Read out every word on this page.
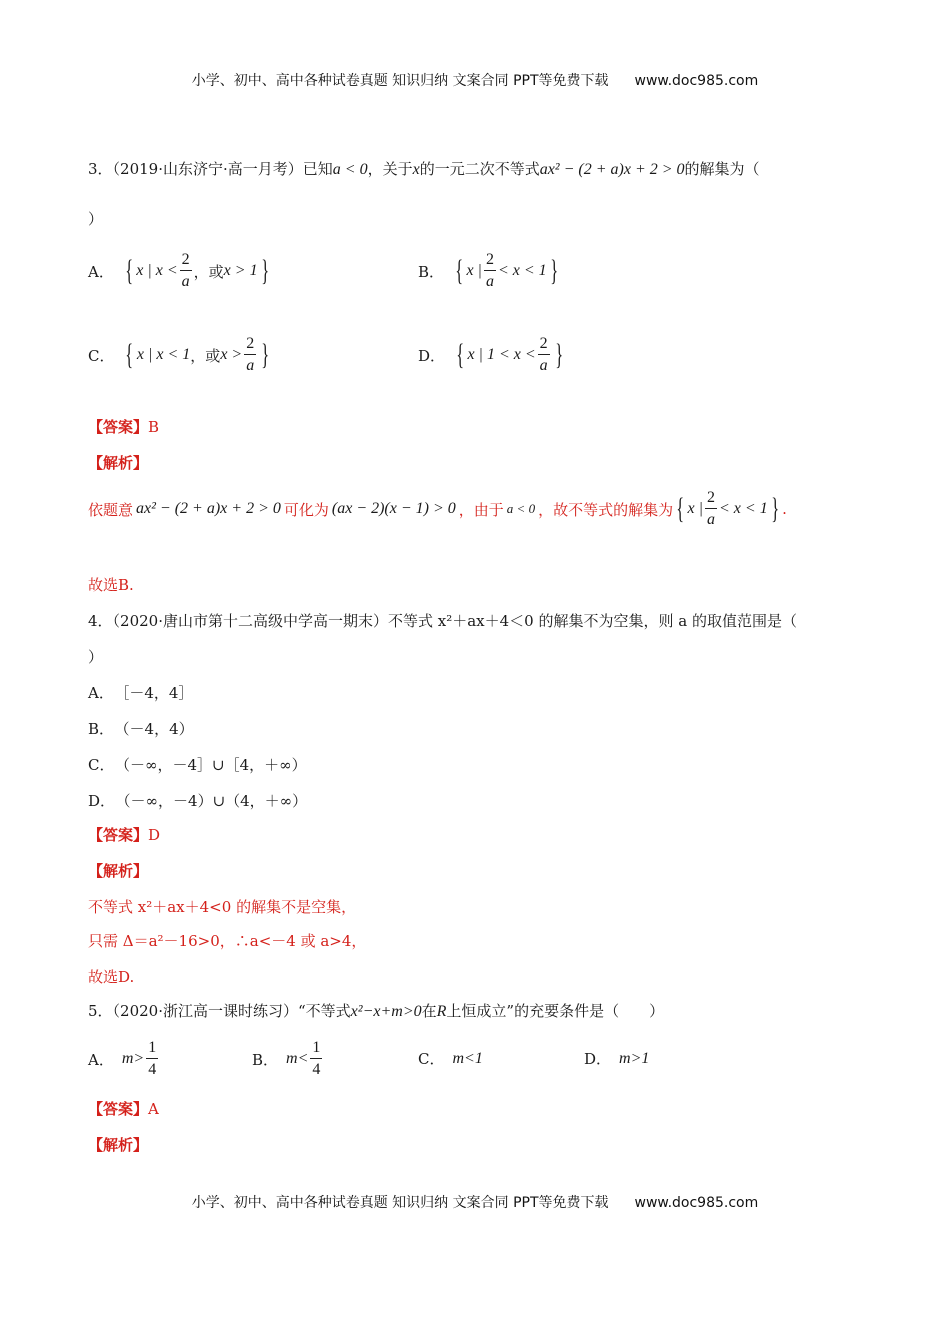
小学、初中、高中各种试卷真题 知识归纳 文案合同 PPT等免费下载 www.doc985.com
3．（2019·山东济宁·高一月考）已知a < 0，关于x的一元二次不等式ax² − (2 + a)x + 2 > 0的解集为（
）
A． { x | $x < \frac{2}{a}$ ，或 x > 1 }	B． { x | $\frac{2}{a} < x < 1$ }
C． { x | x < 1 ，或 $x > \frac{2}{a}$ }	D． { x | $1 < x < \frac{2}{a}$ }
【答案】B
【解析】
依题意 ax² − (2 + a)x + 2 > 0 可化为 (ax − 2)(x − 1) > 0 ，由于 a < 0 ，故不等式的解集为 { x | $\frac{2}{a} < x < 1$ } .
故选B.
4．（2020·唐山市第十二高级中学高一期末）不等式 x²＋ax＋4＜0 的解集不为空集，则 a 的取值范围是（
）
A． ［－4，4］
B． （－4，4）
C． （－∞，－4］∪［4，＋∞）
D． （－∞，－4）∪（4，＋∞）
【答案】D
【解析】
不等式 x²＋ax＋4<0 的解集不是空集，
只需 Δ＝a²－16>0，∴a<－4 或 a>4，
故选D.
5．（2020·浙江高一课时练习）“不等式x²−x+m>0在R上恒成立”的充要条件是（　　）
A． $m> \frac{1}{4}$	B． $m< \frac{1}{4}$	C． m<1	D． m>1
【答案】A
【解析】
小学、初中、高中各种试卷真题 知识归纳 文案合同 PPT等免费下载 www.doc985.com
